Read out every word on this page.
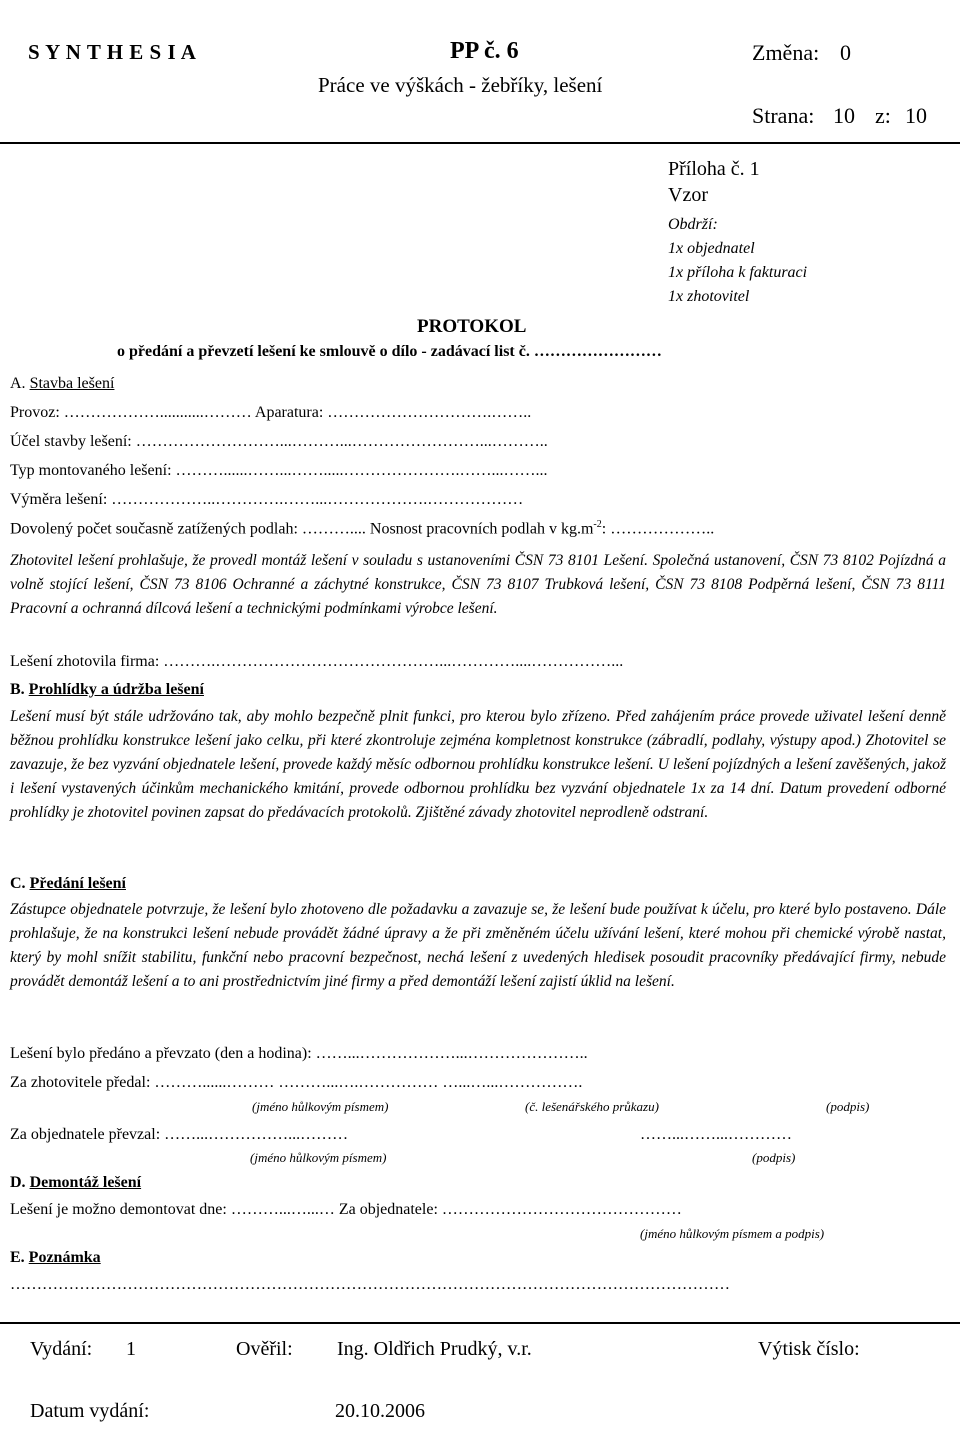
S Y N T H E S I A	PP č. 6
Práce ve výškách - žebříky, lešení
Změna: 0
Strana: 10 z: 10
Příloha č. 1
Vzor
Obdrží:
1x objednatel
1x příloha k fakturaci
1x zhotovitel
PROTOKOL
o předání a převzetí lešení ke smlouvě o dílo - zadávací list č. ……………………
A. Stavba lešení
Provoz: ………………...........……… Aparatura: ………………………….……..
Účel stavby lešení: ………………………...………...……………………...………..
Typ montovaného lešení: ………......……...…….....………………….……...……...
Výměra lešení: ………………..………….……...……………….………………
Dovolený počet současně zatížených podlah: ……….... Nosnost pracovních podlah v $kg.m^{-2}$: ………………..
Zhotovitel lešení prohlašuje, že provedl montáž lešení v souladu s ustanoveními ČSN 73 8101 Lešení. Společná ustanovení, ČSN 73 8102 Pojízdná a volně stojící lešení, ČSN 73 8106 Ochranné a záchytné konstrukce, ČSN 73 8107 Trubková lešení, ČSN 73 8108 Podpěrná lešení, ČSN 73 8111 Pracovní a ochranná dílcová lešení a technickými podmínkami výrobce lešení.
Lešení zhotovila firma: ……….……………………………………...…………....……………...
B. Prohlídky a údržba lešení
Lešení musí být stále udržováno tak, aby mohlo bezpečně plnit funkci, pro kterou bylo zřízeno. Před zahájením práce provede uživatel lešení denně běžnou prohlídku konstrukce lešení jako celku, při které zkontroluje zejména kompletnost konstrukce (zábradlí, podlahy, výstupy apod.) Zhotovitel se zavazuje, že bez vyzvání objednatele lešení, provede každý měsíc odbornou prohlídku konstrukce lešení. U lešení pojízdných a lešení zavěšených, jakož i lešení vystavených účinkům mechanického kmitání, provede odbornou prohlídku bez vyzvání objednatele 1x za 14 dní. Datum provedení odborné prohlídky je zhotovitel povinen zapsat do předávacích protokolů. Zjištěné závady zhotovitel neprodleně odstraní.
C. Předání lešení
Zástupce objednatele potvrzuje, že lešení bylo zhotoveno dle požadavku a zavazuje se, že lešení bude používat k účelu, pro které bylo postaveno. Dále prohlašuje, že na konstrukci lešení nebude provádět žádné úpravy a že při změněném účelu užívání lešení, které mohou při chemické výrobě nastat, který by mohl snížit stabilitu, funkční nebo pracovní bezpečnost, nechá lešení z uvedených hledisek posoudit pracovníky předávající firmy, nebude provádět demontáž lešení a to ani prostřednictvím jiné firmy a před demontáží lešení zajistí úklid na lešení.
Lešení bylo předáno a převzato (den a hodina): ……...………………...…………………..
Za zhotovitele předal: ………......……… ………...….…………… …...…...…………….
(jméno hůlkovým písmem)	(č. lešenářského průkazu)	(podpis)
Za objednatele převzal: ……...……………...………	……...……...…………
(jméno hůlkovým písmem)	(podpis)
D. Demontáž lešení
Lešení je možno demontovat dne: ………...…...… Za objednatele: ………………………………………
(jméno hůlkovým písmem a podpis)
E. Poznámka
………………………………………………………………………………………………………………………
Vydání: 1	Ověřil: Ing. Oldřich Prudký, v.r.	Výtisk číslo:
Datum vydání:	20.10.2006
